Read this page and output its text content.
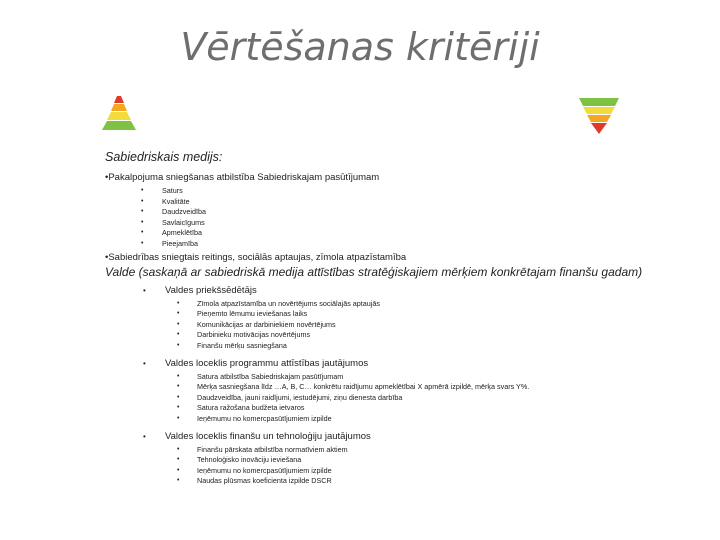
Vērtēšanas kritēriji

Sabiedriskais medijs:

•Pakalpojuma sniegšanas atbilstība Sabiedriskajam pasūtījumam

• Saturs
• Kvalitāte
• Daudzveidība
• Savlaicīgums
• Apmeklētība
• Pieejamība

•Sabiedrības sniegtais reitings, sociālās aptaujas, zīmola atpazīstamība

Valde (saskaņā ar sabiedriskā medija attīstības stratēģiskajiem mērķiem konkrētajam finanšu gadam)

• Valdes priekšsēdētājs
• Zīmola atpazīstamība un novērtējums sociālajās aptaujās
• Pieņemto lēmumu ieviešanas laiks
• Komunikācijas ar darbiniekiem novērtējums
• Darbinieku motivācijas novērtējums
• Finanšu mērķu sasniegšana
• Valdes loceklis programmu attīstības jautājumos
• Satura atbilstība Sabiedriskajam pasūtījumam
• Mērķa sasniegšana līdz …A, B, C… konkrētu raidījumu apmeklētībai X apmērā izpildē, mērķa svars Y%.
• Daudzveidība, jauni raidījumi, iestudējumi, ziņu dienesta darbība
• Satura ražošana budžeta ietvaros
• Ieņēmumu no komercpasūtījumiem izpilde
• Valdes loceklis finanšu un tehnoloģiju jautājumos
• Finanšu pārskata atbilstība normatīviem aktiem
• Tehnoloģisko inovāciju ieviešana
• Ieņēmumu no komercpasūtījumiem izpilde
• Naudas plūsmas koeficienta izpilde DSCR
